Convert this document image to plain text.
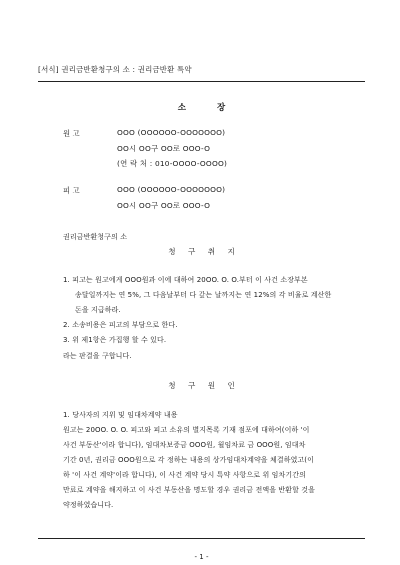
[서식] 권리금반환청구의 소 : 권리금반환 특약
소 장
원 고	OOO (OOOOOO-OOOOOOO)
OO시 OO구 OO로 OOO-O
(연 락 처 : 010-OOOO-OOOO)
피 고	OOO (OOOOOO-OOOOOOO)
OO시 OO구 OO로 OOO-O
권리금반환청구의 소
청 구 취 지
1. 피고는 원고에게 OOO원과 이에 대하여 20OO. O. O.부터 이 사건 소장부본
송달일까지는 연 5%, 그 다음날부터 다 갚는 날까지는 연 12%의 각 비율로 계산한
돈을 지급하라.
2. 소송비용은 피고의 부담으로 한다.
3. 위 제1항은 가집행 할 수 있다.
라는 판결을 구합니다.
청 구 원 인
1. 당사자의 지위 및 임대차계약 내용
원고는 20OO. O. O. 피고와 피고 소유의 별지목록 기재 점포에 대하여(이하 '이
사건 부동산'이라 합니다), 임대차보증금 OOO원, 월임차료 금 OOO원, 임대차
기간 0년, 권리금 OOO원으로 각 정하는 내용의 상가임대차계약을 체결하였고(이
하 '이 사건 계약'이라 합니다), 이 사건 계약 당시 특약 사항으로 위 임차기간의
만료로 계약을 해지하고 이 사건 부동산을 명도할 경우 권리금 전액을 반환할 것을
약정하였습니다.
- 1 -
